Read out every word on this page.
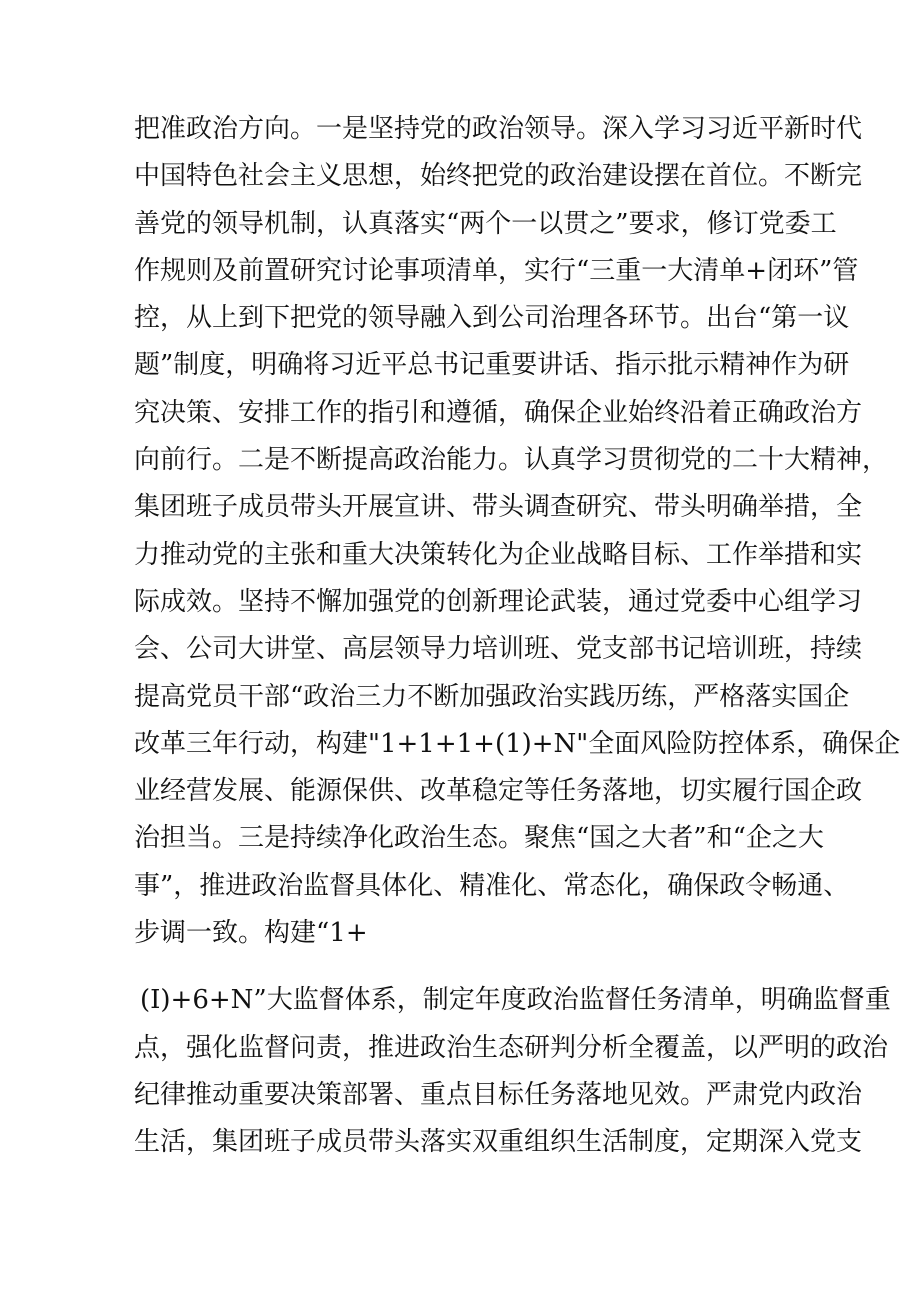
把准政治方向。一是坚持党的政治领导。深入学习习近平新时代
中国特色社会主义思想，始终把党的政治建设摆在首位。不断完
善党的领导机制，认真落实“两个一以贯之”要求，修订党委工
作规则及前置研究讨论事项清单，实行“三重一大清单+闭环”管
控，从上到下把党的领导融入到公司治理各环节。出台“第一议
题”制度，明确将习近平总书记重要讲话、指示批示精神作为研
究决策、安排工作的指引和遵循，确保企业始终沿着正确政治方
向前行。二是不断提高政治能力。认真学习贯彻党的二十大精神，
集团班子成员带头开展宣讲、带头调查研究、带头明确举措，全
力推动党的主张和重大决策转化为企业战略目标、工作举措和实
际成效。坚持不懈加强党的创新理论武装，通过党委中心组学习
会、公司大讲堂、高层领导力培训班、党支部书记培训班，持续
提高党员干部“政治三力不断加强政治实践历练，严格落实国企
改革三年行动，构建"1+1+1+(1)+N"全面风险防控体系，确保企
业经营发展、能源保供、改革稳定等任务落地，切实履行国企政
治担当。三是持续净化政治生态。聚焦“国之大者”和“企之大
事”，推进政治监督具体化、精准化、常态化，确保政令畅通、
步调一致。构建“1+
(I)+6+N”大监督体系，制定年度政治监督任务清单，明确监督重
点，强化监督问责，推进政治生态研判分析全覆盖，以严明的政治
纪律推动重要决策部署、重点目标任务落地见效。严肃党内政治
生活，集团班子成员带头落实双重组织生活制度，定期深入党支
